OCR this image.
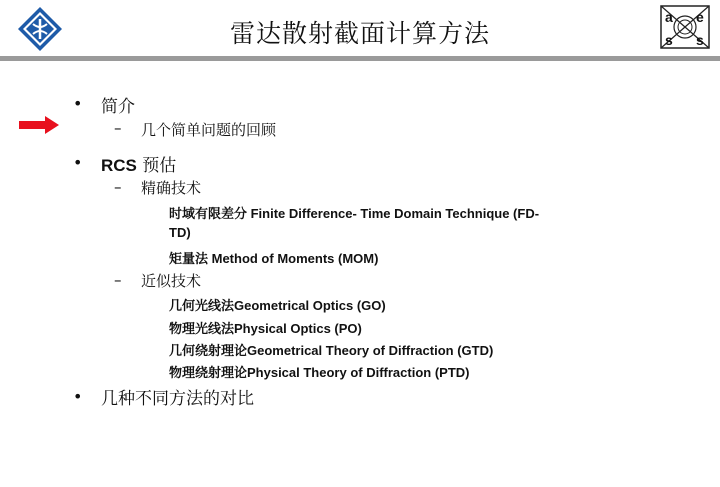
雷达散射截面计算方法
a e
s s
• 简介
– 几个简单问题的回顾
• RCS 预估
– 精确技术
时域有限差分 Finite Difference- Time Domain Technique (FD-
TD)
矩量法 Method of Moments (MOM)
– 近似技术
几何光线法Geometrical Optics (GO)
物理光线法Physical Optics (PO)
几何绕射理论Geometrical Theory of Diffraction (GTD)
物理绕射理论Physical Theory of Diffraction (PTD)
• 几种不同方法的对比
